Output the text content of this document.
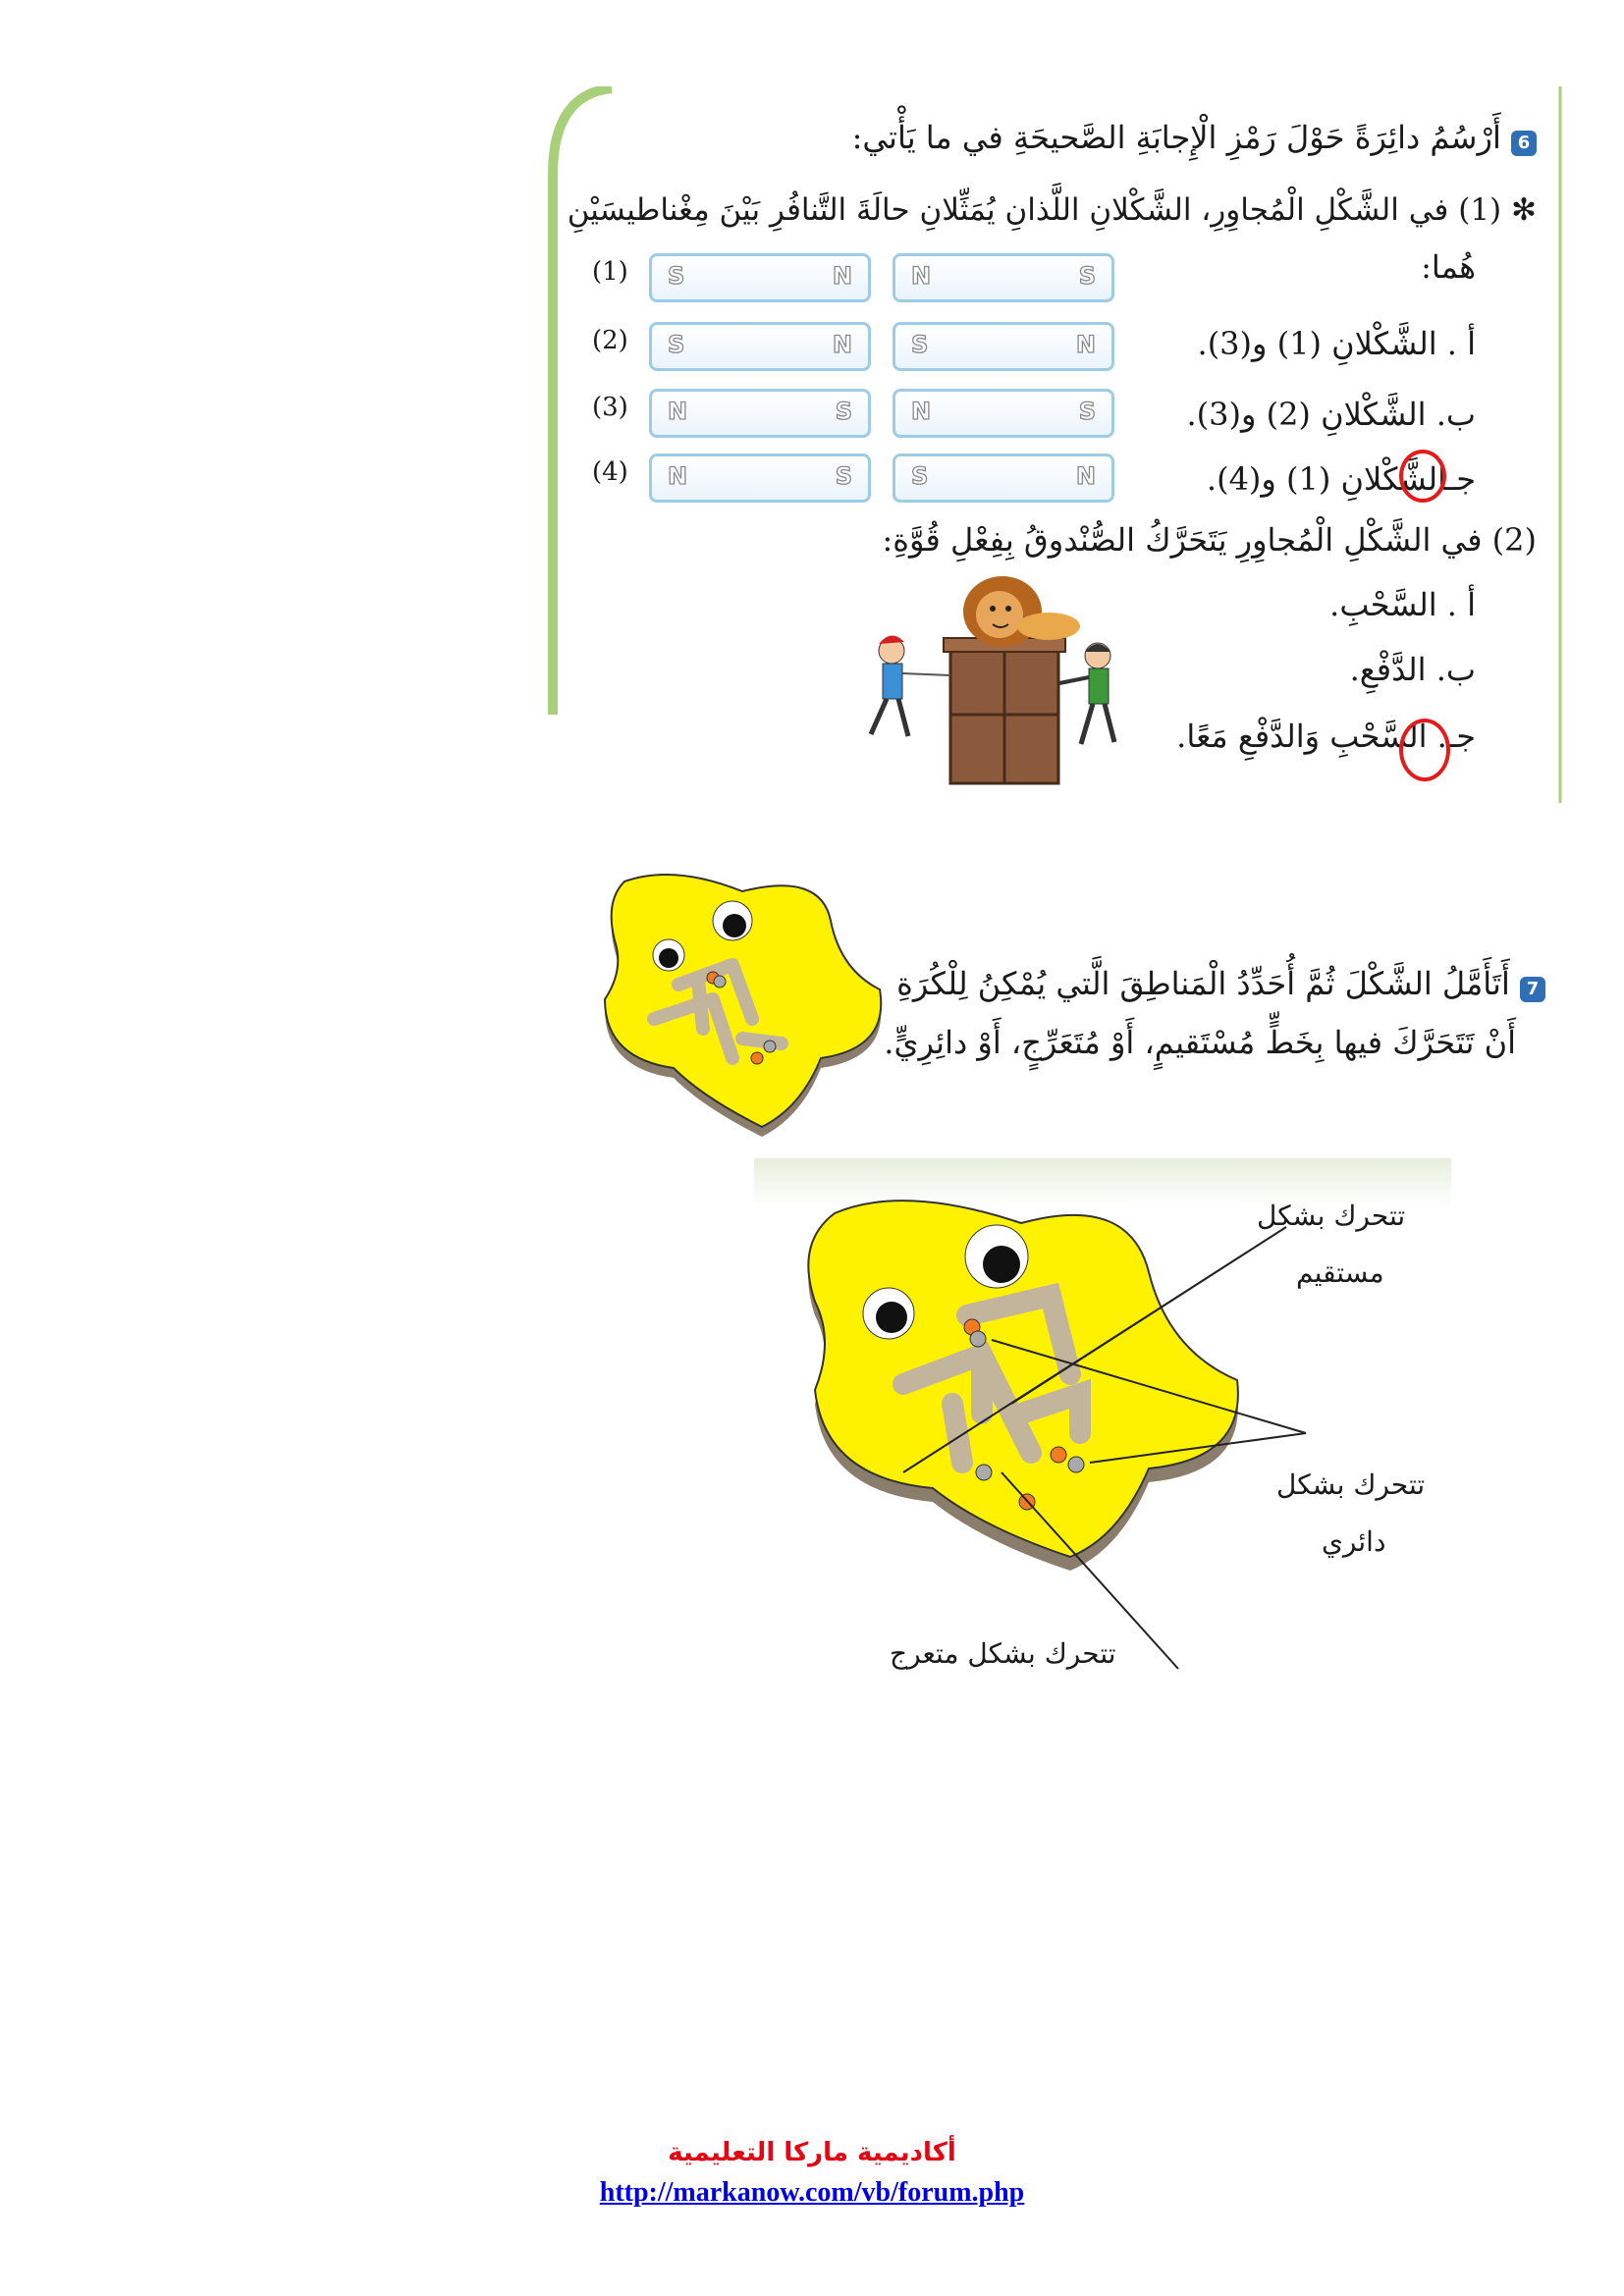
6 أَرْسُمُ دائِرَةً حَوْلَ رَمْزِ الْإِجابَةِ الصَّحيحَةِ في ما يَأْتي:
✻ (1) في الشَّكْلِ الْمُجاوِرِ، الشَّكْلانِ اللَّذانِ يُمَثِّلانِ حالَةَ التَّنافُرِ بَيْنَ مِغْناطيسَيْنِ
هُما:
أ . الشَّكْلانِ (1) و(3).
ب. الشَّكْلانِ (2) و(3).
جـالشَّكْلانِ (1) و(4).
(1) S	N	N	S
(2) S	N	S	N
(3) N	S	N	S
(4) N	S	S	N
(2) في الشَّكْلِ الْمُجاوِرِ يَتَحَرَّكُ الصُّنْدوقُ بِفِعْلِ قُوَّةِ:
أ . السَّحْبِ.
ب. الدَّفْعِ.
جـ. السَّحْبِ وَالدَّفْعِ مَعًا.
7 أَتَأَمَّلُ الشَّكْلَ ثُمَّ أُحَدِّدُ الْمَناطِقَ الَّتي يُمْكِنُ لِلْكُرَةِ
أَنْ تَتَحَرَّكَ فيها بِخَطٍّ مُسْتَقيمٍ، أَوْ مُتَعَرِّجٍ، أَوْ دائِرِيٍّ.
تتحرك بشكل
مستقيم
تتحرك بشكل
دائري
تتحرك بشكل متعرج
أكاديمية ماركا التعليمية
http://markanow.com/vb/forum.php
